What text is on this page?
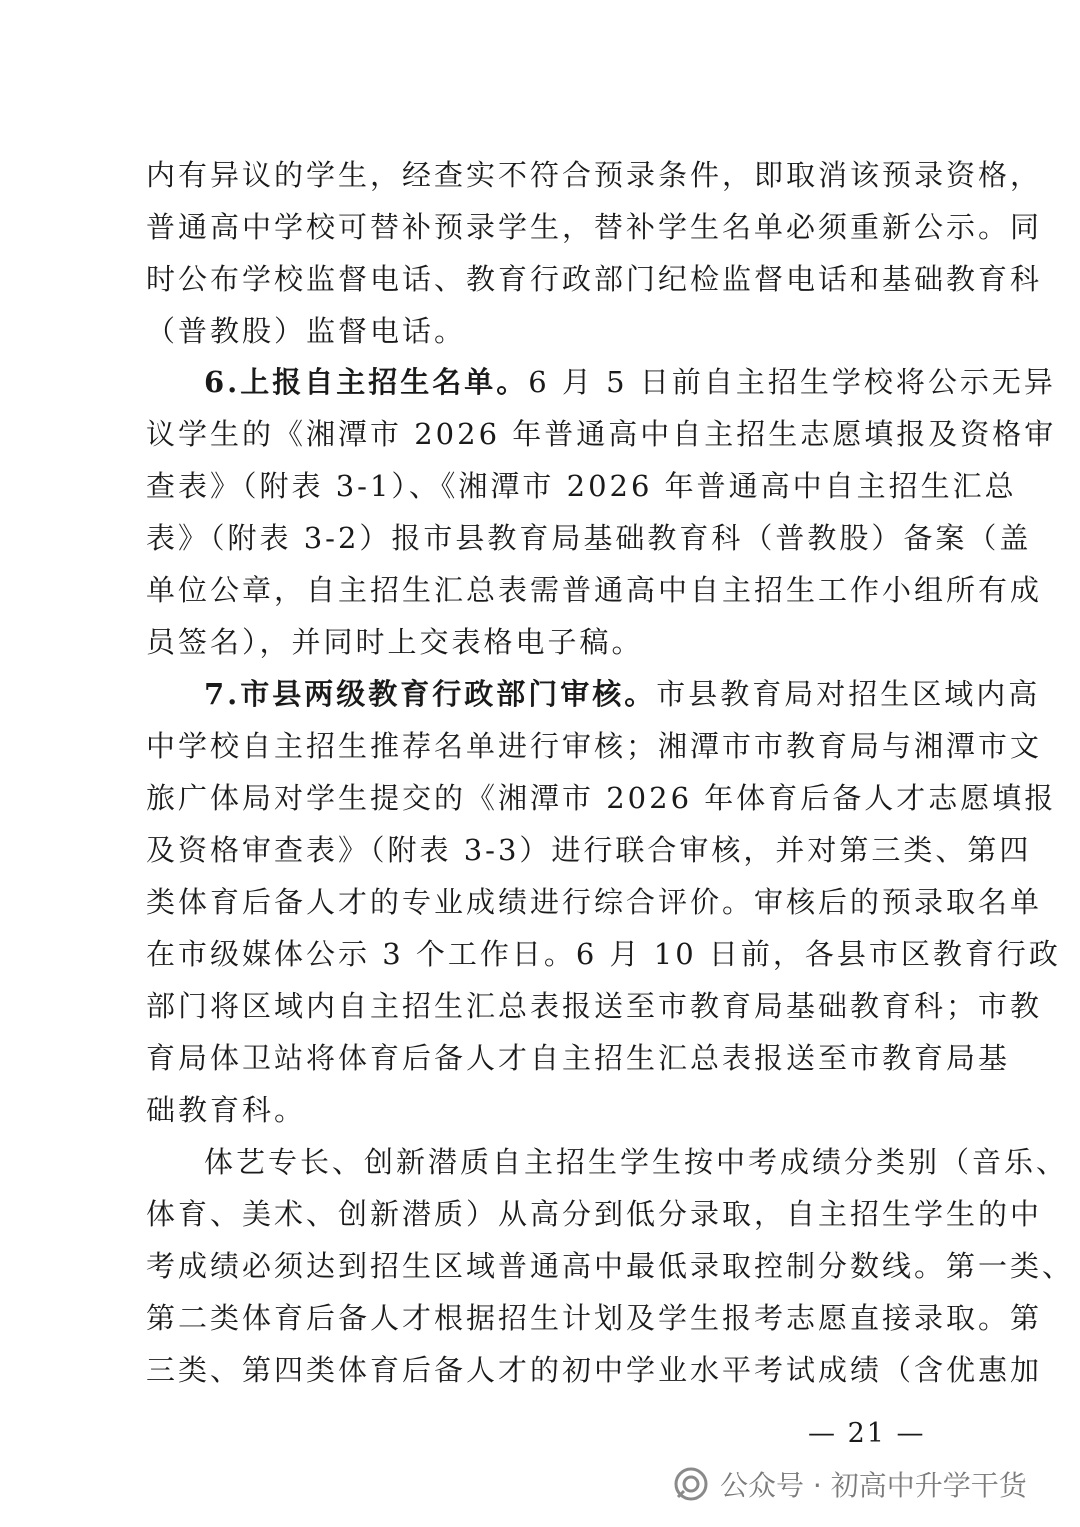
内有异议的学生，经查实不符合预录条件，即取消该预录资格，
普通高中学校可替补预录学生，替补学生名单必须重新公示。同
时公布学校监督电话、教育行政部门纪检监督电话和基础教育科
（普教股）监督电话。
6.上报自主招生名单。6 月 5 日前自主招生学校将公示无异
议学生的《湘潭市 2026 年普通高中自主招生志愿填报及资格审
查表》（附表 3-1）、《湘潭市 2026 年普通高中自主招生汇总
表》（附表 3-2）报市县教育局基础教育科（普教股）备案（盖
单位公章，自主招生汇总表需普通高中自主招生工作小组所有成
员签名），并同时上交表格电子稿。
7.市县两级教育行政部门审核。市县教育局对招生区域内高
中学校自主招生推荐名单进行审核；湘潭市市教育局与湘潭市文
旅广体局对学生提交的《湘潭市 2026 年体育后备人才志愿填报
及资格审查表》（附表 3-3）进行联合审核，并对第三类、第四
类体育后备人才的专业成绩进行综合评价。审核后的预录取名单
在市级媒体公示 3 个工作日。6 月 10 日前，各县市区教育行政
部门将区域内自主招生汇总表报送至市教育局基础教育科；市教
育局体卫站将体育后备人才自主招生汇总表报送至市教育局基
础教育科。
体艺专长、创新潜质自主招生学生按中考成绩分类别（音乐、
体育、美术、创新潜质）从高分到低分录取，自主招生学生的中
考成绩必须达到招生区域普通高中最低录取控制分数线。第一类、
第二类体育后备人才根据招生计划及学生报考志愿直接录取。第
三类、第四类体育后备人才的初中学业水平考试成绩（含优惠加
— 21 —
公众号 · 初高中升学干货
